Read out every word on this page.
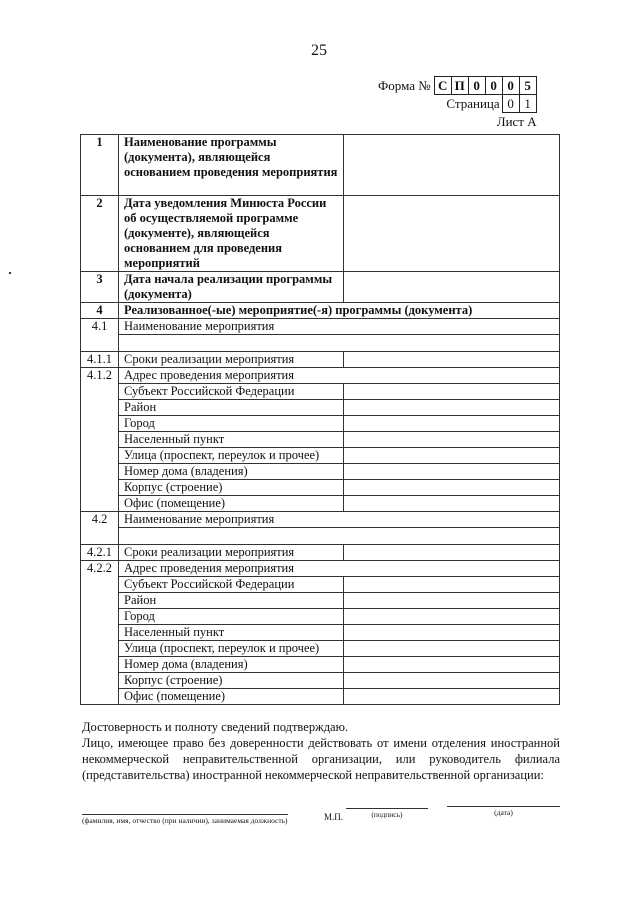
25
Форма № С П 0 0 0 5
Страница 0 1
Лист А
1	Наименование программы (документа), являющейся основанием проведения мероприятия	
2	Дата уведомления Минюста России об осуществляемой программе (документе), являющейся основанием для проведения мероприятий	
3	Дата начала реализации программы (документа)	
4	Реализованное(-ые) мероприятие(-я) программы (документа)	
4.1	Наименование мероприятия	

4.1.1	Сроки реализации мероприятия	
4.1.2	Адрес проведения мероприятия	
	Субъект Российской Федерации	
	Район	
	Город	
	Населенный пункт	
	Улица (проспект, переулок и прочее)	
	Номер дома (владения)	
	Корпус (строение)	
	Офис (помещение)	
4.2	Наименование мероприятия	

4.2.1	Сроки реализации мероприятия	
4.2.2	Адрес проведения мероприятия	
	Субъект Российской Федерации	
	Район	
	Город	
	Населенный пункт	
	Улица (проспект, переулок и прочее)	
	Номер дома (владения)	
	Корпус (строение)	
	Офис (помещение)	

Достоверность и полноту сведений подтверждаю.

Лицо, имеющее право без доверенности действовать от имени отделения иностранной

некоммерческой неправительственной организации, или руководитель филиала

(представительства) иностранной некоммерческой неправительственной организации:

(фамилия, имя, отчество (при наличии), занимаемая должность)	М.П.	(подпись)	(дата)
